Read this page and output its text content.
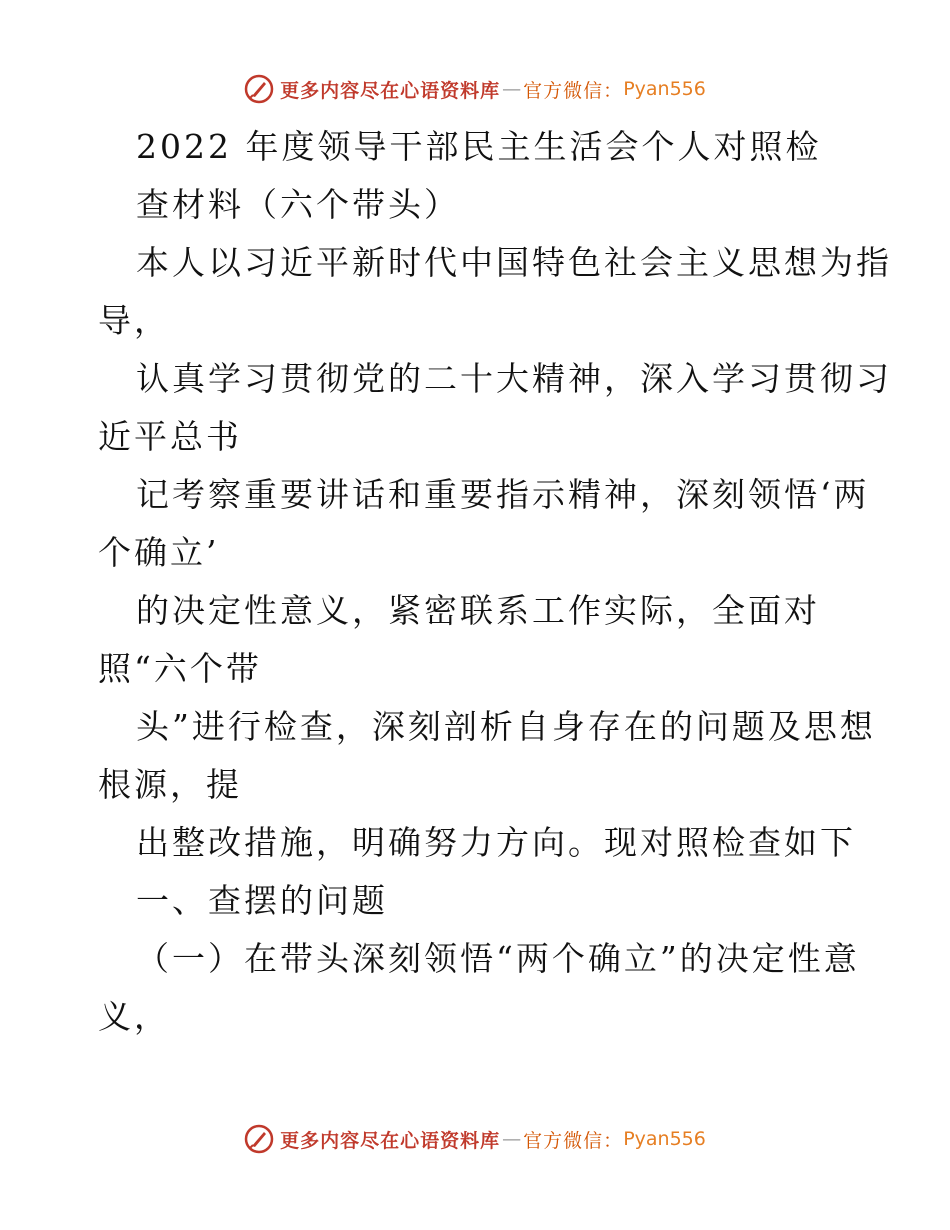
更多内容尽在心语资料库 — 官方微信： Pyan556
2022 年度领导干部民主生活会个人对照检
查材料（六个带头）
本人以习近平新时代中国特色社会主义思想为指
导，
认真学习贯彻党的二十大精神，深入学习贯彻习
近平总书
记考察重要讲话和重要指示精神，深刻领悟‘两
个确立’
的决定性意义，紧密联系工作实际，全面对
照“六个带
头”进行检查，深刻剖析自身存在的问题及思想
根源，提
出整改措施，明确努力方向。现对照检查如下
一、查摆的问题
（一）在带头深刻领悟“两个确立”的决定性意
义，
更多内容尽在心语资料库 — 官方微信： Pyan556
